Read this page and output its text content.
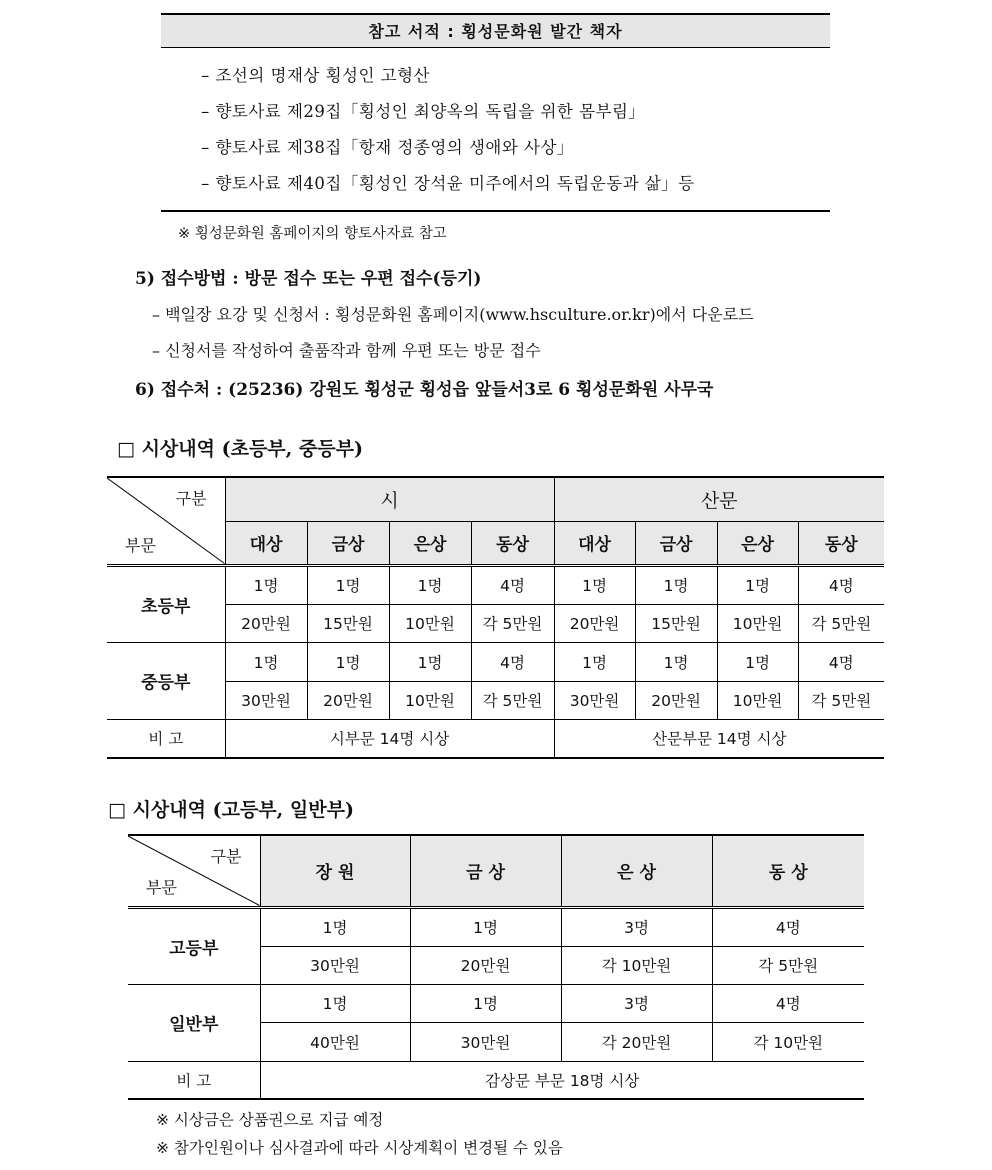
참고 서적 : 횡성문화원 발간 책자
– 조선의 명재상 횡성인 고형산
– 향토사료 제29집「횡성인 최양옥의 독립을 위한 몸부림」
– 향토사료 제38집「항재 정종영의 생애와 사상」
– 향토사료 제40집「횡성인 장석윤 미주에서의 독립운동과 삶」등
※ 횡성문화원 홈페이지의 향토사자료 참고
5) 접수방법 : 방문 접수 또는 우편 접수(등기)
– 백일장 요강 및 신청서 : 횡성문화원 홈페이지(www.hsculture.or.kr)에서 다운로드
– 신청서를 작성하여 출품작과 함께 우편 또는 방문 접수
6) 접수처 : (25236) 강원도 횡성군 횡성읍 앞들서3로 6 횡성문화원 사무국
□ 시상내역 (초등부, 중등부)
구분
부문	시				산문			
	대상	금상	은상	동상	대상	금상	은상	동상
초등부	1명	1명	1명	4명	1명	1명	1명	4명
	20만원	15만원	10만원	각 5만원	20만원	15만원	10만원	각 5만원
중등부	1명	1명	1명	4명	1명	1명	1명	4명
	30만원	20만원	10만원	각 5만원	30만원	20만원	10만원	각 5만원
비 고	시부문 14명 시상				산문부문 14명 시상			
□ 시상내역 (고등부, 일반부)
구분
부문	장 원	금 상	은 상	동 상
고등부	1명	1명	3명	4명
	30만원	20만원	각 10만원	각 5만원
일반부	1명	1명	3명	4명
	40만원	30만원	각 20만원	각 10만원
비 고	감상문 부문 18명 시상			
※ 시상금은 상품권으로 지급 예정
※ 참가인원이나 심사결과에 따라 시상계획이 변경될 수 있음
